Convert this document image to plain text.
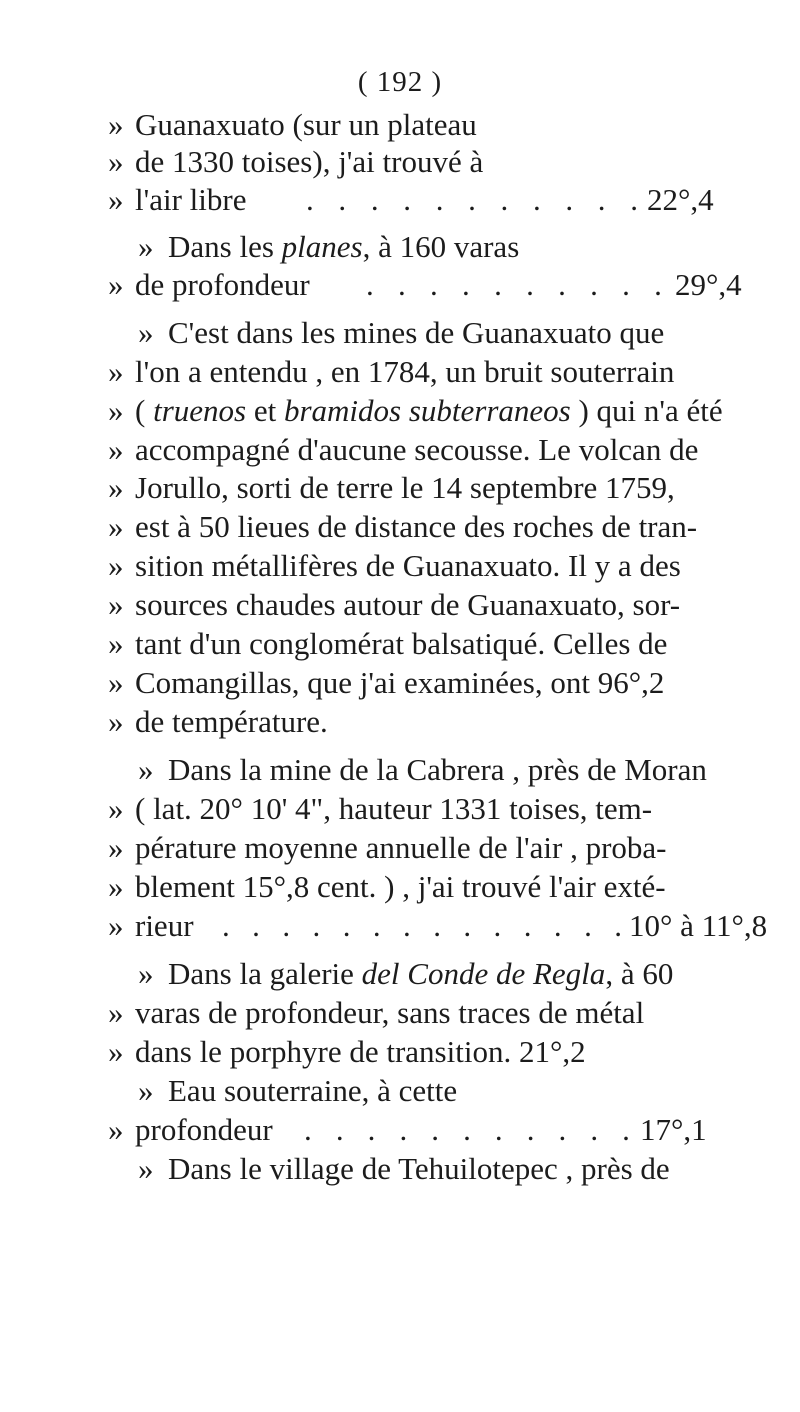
( 192 )
» Guanaxuato (sur un plateau
» de 1330 toises), j'ai trouvé à
» l'air libre . . . . . . . . . . . 22°,4
» Dans les planes, à 160 varas
» de profondeur . . . . . . . . . . 29°,4
» C'est dans les mines de Guanaxuato que
» l'on a entendu , en 1784, un bruit souterrain
» ( truenos et bramidos subterraneos ) qui n'a été
» accompagné d'aucune secousse. Le volcan de
» Jorullo, sorti de terre le 14 septembre 1759,
» est à 50 lieues de distance des roches de tran-
» sition métallifères de Guanaxuato. Il y a des
» sources chaudes autour de Guanaxuato, sor-
» tant d'un conglomérat balsatiqué. Celles de
» Comangillas, que j'ai examinées, ont 96°,2
» de température.
» Dans la mine de la Cabrera , près de Moran
» ( lat. 20° 10' 4", hauteur 1331 toises, tem-
» pérature moyenne annuelle de l'air , proba-
» blement 15°,8 cent. ) , j'ai trouvé l'air exté-
» rieur . . . . . . . . . . . . . . 10° à 11°,8
» Dans la galerie del Conde de Regla, à 60
» varas de profondeur, sans traces de métal
» dans le porphyre de transition. 21°,2
» Eau souterraine, à cette
» profondeur . . . . . . . . . . . 17°,1
» Dans le village de Tehuilotepec , près de
